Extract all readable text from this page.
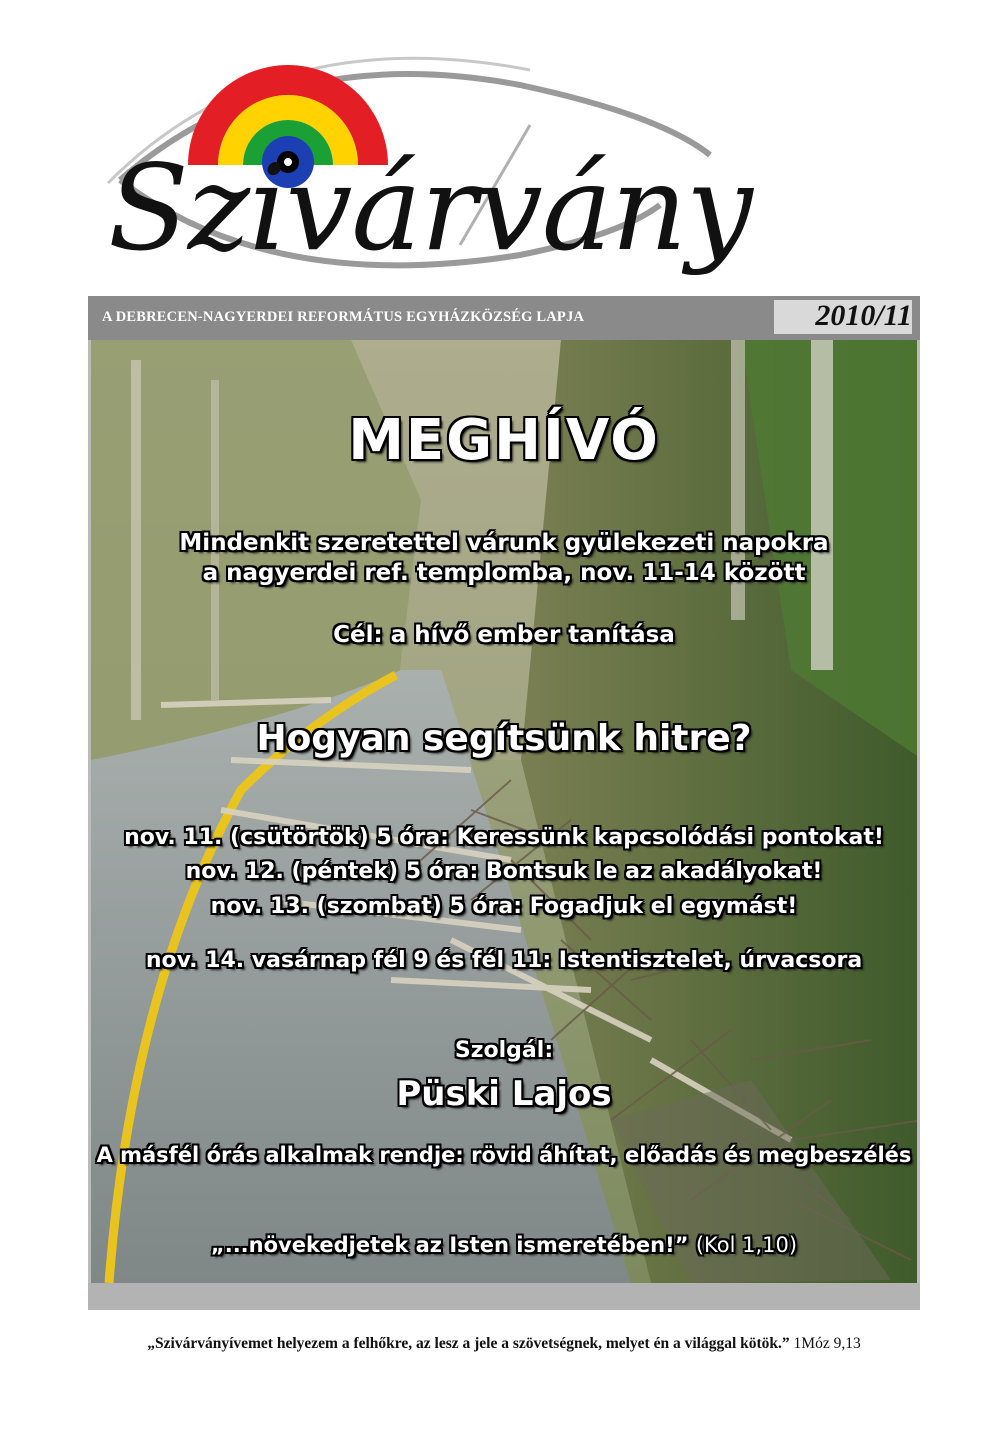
Szivárvány
A DEBRECEN-NAGYERDEI REFORMÁTUS EGYHÁZKÖZSÉG LAPJA	2010/11
MEGHÍVÓ
Mindenkit szeretettel várunk gyülekezeti napokra
a nagyerdei ref. templomba, nov. 11-14 között
Cél: a hívő ember tanítása
Hogyan segítsünk hitre?
nov. 11. (csütörtök) 5 óra: Keressünk kapcsolódási pontokat!
nov. 12. (péntek) 5 óra: Bontsuk le az akadályokat!
nov. 13. (szombat) 5 óra: Fogadjuk el egymást!
nov. 14. vasárnap fél 9 és fél 11: Istentisztelet, úrvacsora
Szolgál:
Püski Lajos
A másfél órás alkalmak rendje: rövid áhítat, előadás és megbeszélés
„...növekedjetek az Isten ismeretében!” (Kol 1,10)
„Szivárványívemet helyezem a felhőkre, az lesz a jele a szövetségnek, melyet én a világgal kötök.” 1Móz 9,13
